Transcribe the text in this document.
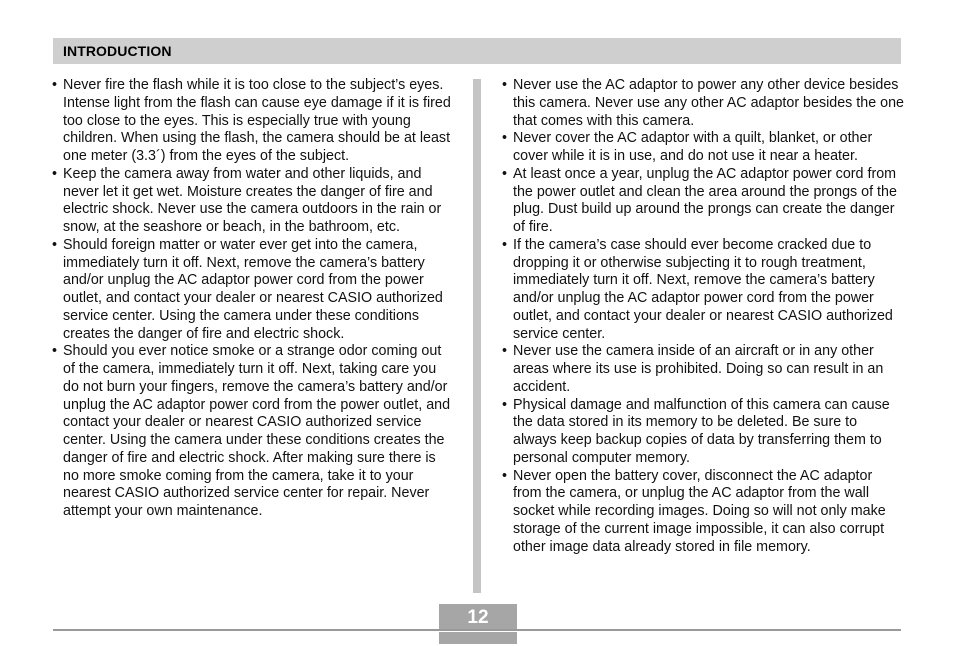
INTRODUCTION
• Never fire the flash while it is too close to the subject’s eyes. Intense light from the flash can cause eye damage if it is fired too close to the eyes. This is especially true with young children. When using the flash, the camera should be at least one meter (3.3´) from the eyes of the subject.
• Keep the camera away from water and other liquids, and never let it get wet. Moisture creates the danger of fire and electric shock. Never use the camera outdoors in the rain or snow, at the seashore or beach, in the bathroom, etc.
• Should foreign matter or water ever get into the camera, immediately turn it off. Next, remove the camera’s battery and/or unplug the AC adaptor power cord from the power outlet, and contact your dealer or nearest CASIO authorized service center. Using the camera under these conditions creates the danger of fire and electric shock.
• Should you ever notice smoke or a strange odor coming out of the camera, immediately turn it off. Next, taking care you do not burn your fingers, remove the camera’s battery and/or unplug the AC adaptor power cord from the power outlet, and contact your dealer or nearest CASIO authorized service center. Using the camera under these conditions creates the danger of fire and electric shock. After making sure there is no more smoke coming from the camera, take it to your nearest CASIO authorized service center for repair. Never attempt your own maintenance.
• Never use the AC adaptor to power any other device besides this camera. Never use any other AC adaptor besides the one that comes with this camera.
• Never cover the AC adaptor with a quilt, blanket, or other cover while it is in use, and do not use it near a heater.
• At least once a year, unplug the AC adaptor power cord from the power outlet and clean the area around the prongs of the plug. Dust build up around the prongs can create the danger of fire.
• If the camera’s case should ever become cracked due to dropping it or otherwise subjecting it to rough treatment, immediately turn it off. Next, remove the camera’s battery and/or unplug the AC adaptor power cord from the power outlet, and contact your dealer or nearest CASIO authorized service center.
• Never use the camera inside of an aircraft or in any other areas where its use is prohibited. Doing so can result in an accident.
• Physical damage and malfunction of this camera can cause the data stored in its memory to be deleted. Be sure to always keep backup copies of data by transferring them to personal computer memory.
• Never open the battery cover, disconnect the AC adaptor from the camera, or unplug the AC adaptor from the wall socket while recording images. Doing so will not only make storage of the current image impossible, it can also corrupt other image data already stored in file memory.
12
